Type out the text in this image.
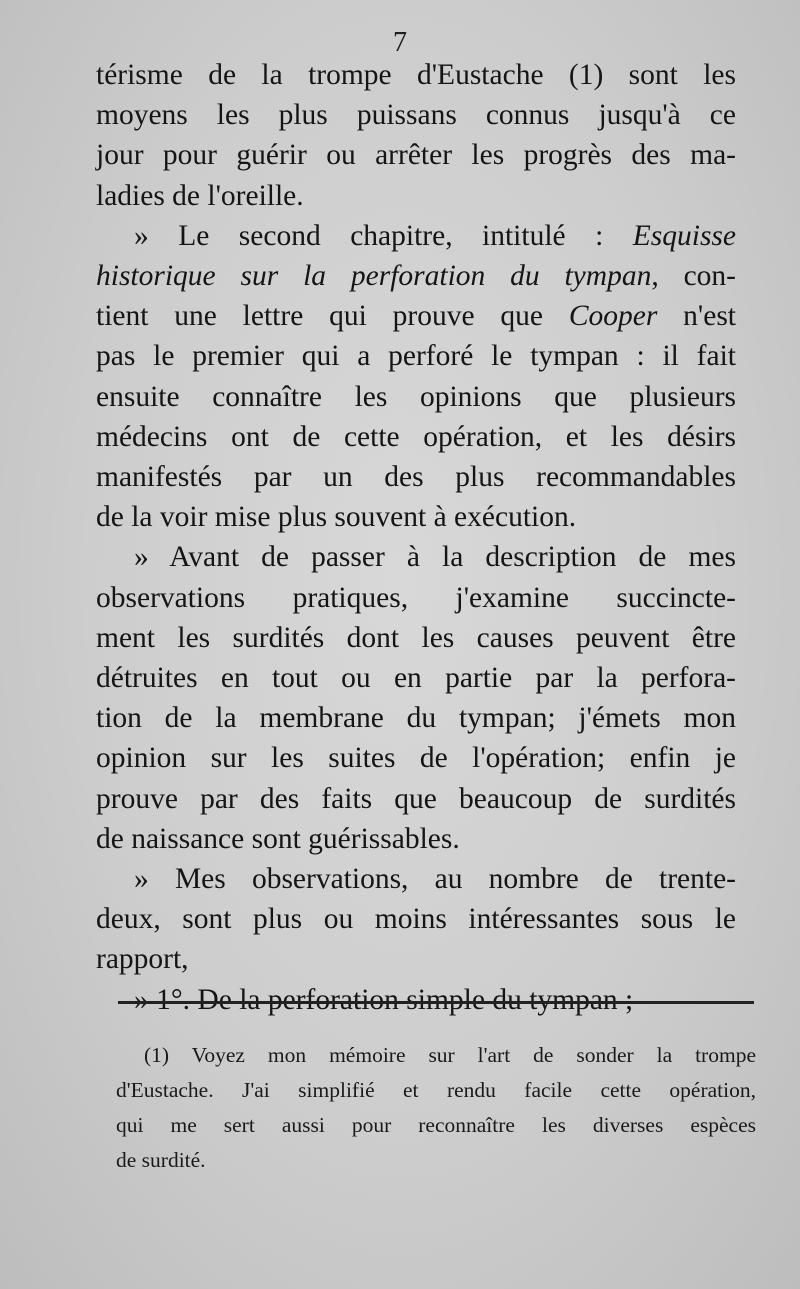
7

térisme de la trompe d'Eustache (1) sont les
moyens les plus puissans connus jusqu'à ce
jour pour guérir ou arrêter les progrès des ma-
ladies de l'oreille.

» Le second chapitre, intitulé : Esquisse
historique sur la perforation du tympan, con-
tient une lettre qui prouve que Cooper n'est
pas le premier qui a perforé le tympan : il fait
ensuite connaître les opinions que plusieurs
médecins ont de cette opération, et les désirs
manifestés par un des plus recommandables
de la voir mise plus souvent à exécution.

» Avant de passer à la description de mes
observations pratiques, j'examine succincte-
ment les surdités dont les causes peuvent être
détruites en tout ou en partie par la perfora-
tion de la membrane du tympan; j'émets mon
opinion sur les suites de l'opération; enfin je
prouve par des faits que beaucoup de surdités
de naissance sont guérissables.

» Mes observations, au nombre de trente-
deux, sont plus ou moins intéressantes sous le
rapport,

» 1°. De la perforation simple du tympan ;

(1) Voyez mon mémoire sur l'art de sonder la trompe
d'Eustache. J'ai simplifié et rendu facile cette opération,
qui me sert aussi pour reconnaître les diverses espèces
de surdité.
